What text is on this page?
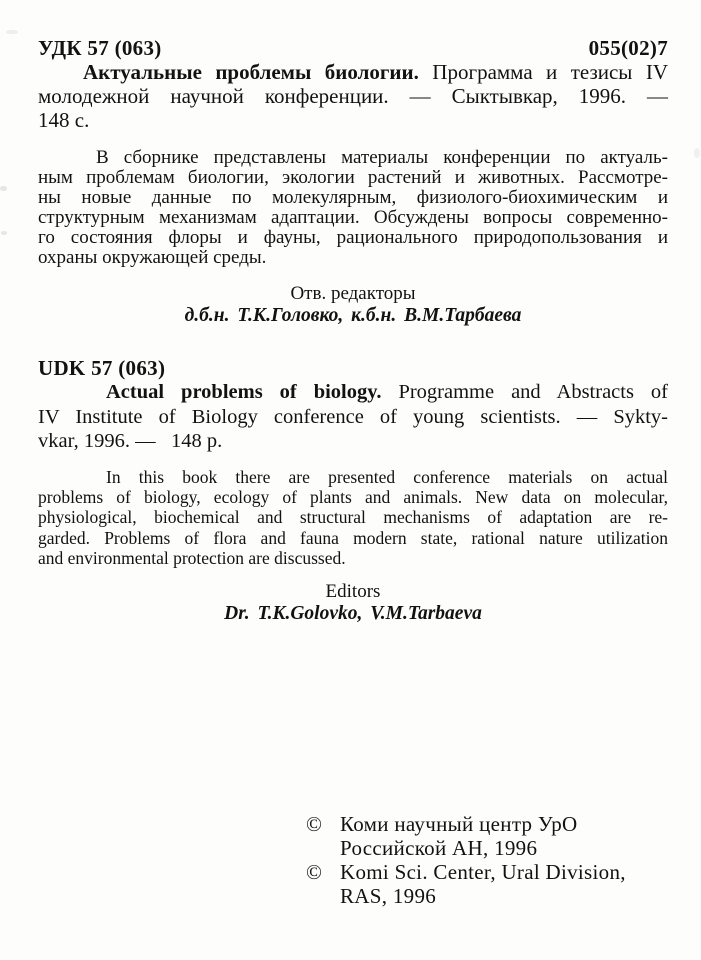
УДК 57 (063)	055(02)7
Актуальные проблемы биологии. Программа и тезисы IV
молодежной научной конференции. — Сыктывкар, 1996. —
148 с.
В сборнике представлены материалы конференции по актуаль-
ным проблемам биологии, экологии растений и животных. Рассмотре-
ны новые данные по молекулярным, физиолого-биохимическим и
структурным механизмам адаптации. Обсуждены вопросы современно-
го состояния флоры и фауны, рационального природопользования и
охраны окружающей среды.
Отв. редакторы
д.б.н. Т.К.Головко, к.б.н. В.М.Тарбаева
UDK 57 (063)
Actual problems of biology. Programme and Abstracts of
IV Institute of Biology conference of young scientists. — Sykty-
vkar, 1996. —   148 p.
In this book there are presented conference materials on actual
problems of biology, ecology of plants and animals. New data on molecular,
physiological, biochemical and structural mechanisms of adaptation are re-
garded. Problems of flora and fauna modern state, rational nature utilization
and environmental protection are discussed.
Editors
Dr. T.K.Golovko, V.M.Tarbaeva
© Коми научный центр УрО
Российской АН, 1996
© Komi Sci. Center, Ural Division,
RAS, 1996
